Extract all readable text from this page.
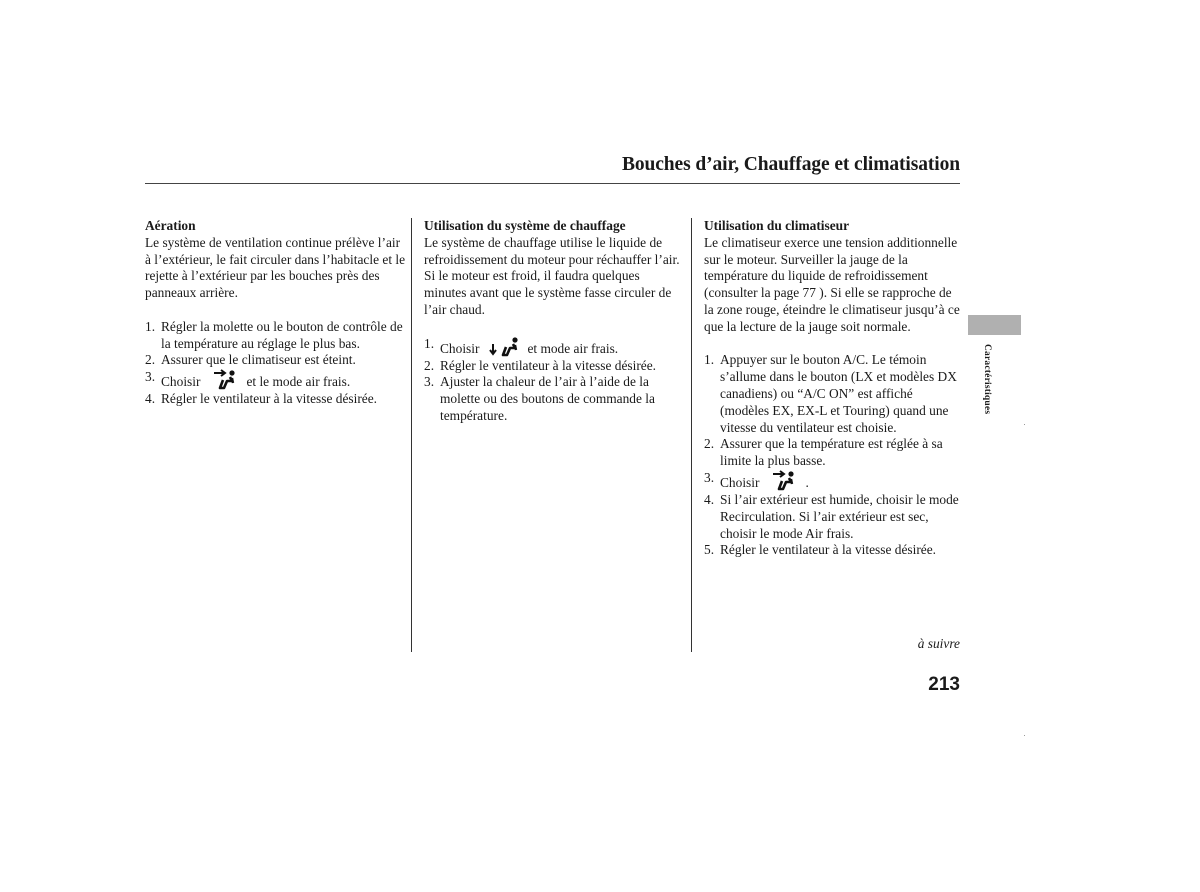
Bouches d’air, Chauffage et climatisation
Aération

Le système de ventilation continue prélève l’air à l’extérieur, le fait circuler dans l’habitacle et le rejette à l’extérieur par les bouches près des panneaux arrière.

1. Régler la molette ou le bouton de contrôle de la température au réglage le plus bas.
2. Assurer que le climatiseur est éteint.
3. Choisir	et le mode air frais.
4. Régler le ventilateur à la vitesse désirée.
Utilisation du système de chauffage

Le système de chauffage utilise le liquide de refroidissement du moteur pour réchauffer l’air. Si le moteur est froid, il faudra quelques minutes avant que le système fasse circuler de l’air chaud.

1. Choisir	et mode air frais.
2. Régler le ventilateur à la vitesse désirée.
3. Ajuster la chaleur de l’air à l’aide de la molette ou des boutons de commande la température.
Utilisation du climatiseur

Le climatiseur exerce une tension additionnelle sur le moteur. Surveiller la jauge de la température du liquide de refroidissement (consulter la page 77 ). Si elle se rapproche de la zone rouge, éteindre le climatiseur jusqu’à ce que la lecture de la jauge soit normale.

1. Appuyer sur le bouton A/C. Le témoin s’allume dans le bouton (LX et modèles DX canadiens) ou “A/C ON” est affiché (modèles EX, EX-L et Touring) quand une vitesse du ventilateur est choisie.
2. Assurer que la température est réglée à sa limite la plus basse.
3. Choisir	.
4. Si l’air extérieur est humide, choisir le mode Recirculation. Si l’air extérieur est sec, choisir le mode Air frais.
5. Régler le ventilateur à la vitesse désirée.
à suivre
213
Caractéristiques
